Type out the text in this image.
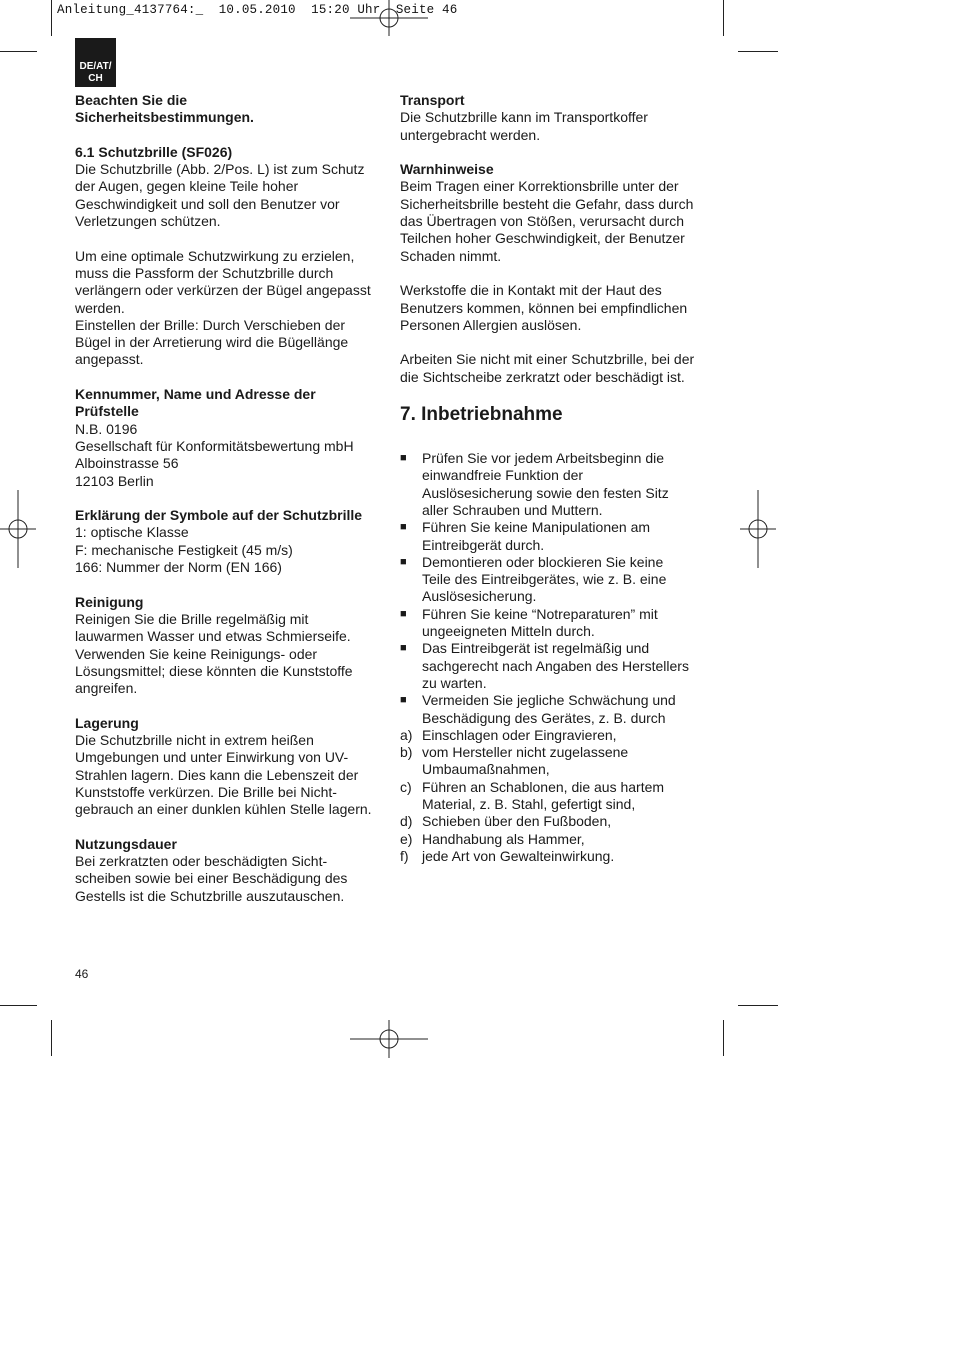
Anleitung_4137764:_  10.05.2010  15:20 Uhr  Seite 46
DE/AT/
CH

Beachten Sie die

Sicherheitsbestimmungen.

6.1 Schutzbrille (SF026)

Die Schutzbrille (Abb. 2/Pos. L) ist zum Schutz

der Augen, gegen kleine Teile hoher

Geschwindigkeit und soll den Benutzer vor

Verletzungen schützen.

Um eine optimale Schutzwirkung zu erzielen,

muss die Passform der Schutzbrille durch

verlängern oder verkürzen der Bügel angepasst

werden.

Einstellen der Brille: Durch Verschieben der

Bügel in der Arretierung wird die Bügellänge

angepasst.

Kennummer, Name und Adresse der

Prüfstelle

N.B. 0196

Gesellschaft für Konformitätsbewertung mbH

Alboinstrasse 56

12103 Berlin

Erklärung der Symbole auf der Schutzbrille

1: optische Klasse

F: mechanische Festigkeit (45 m/s)

166: Nummer der Norm (EN 166)

Reinigung

Reinigen Sie die Brille regelmäßig mit

lauwarmen Wasser und etwas Schmierseife.

Verwenden Sie keine Reinigungs- oder

Lösungsmittel; diese könnten die Kunststoffe

angreifen.

Lagerung

Die Schutzbrille nicht in extrem heißen

Umgebungen und unter Einwirkung von UV-

Strahlen lagern. Dies kann die Lebenszeit der

Kunststoffe verkürzen. Die Brille bei Nicht-

gebrauch an einer dunklen kühlen Stelle lagern.

Nutzungsdauer

Bei zerkratzten oder beschädigten Sicht-

scheiben sowie bei einer Beschädigung des

Gestells ist die Schutzbrille auszutauschen.

Transport

Die Schutzbrille kann im Transportkoffer

untergebracht werden.

Warnhinweise

Beim Tragen einer Korrektionsbrille unter der

Sicherheitsbrille besteht die Gefahr, dass durch

das Übertragen von Stößen, verursacht durch

Teilchen hoher Geschwindigkeit, der Benutzer

Schaden nimmt.

Werkstoffe die in Kontakt mit der Haut des

Benutzers kommen, können bei empfindlichen

Personen Allergien auslösen.

Arbeiten Sie nicht mit einer Schutzbrille, bei der

die Sichtscheibe zerkratzt oder beschädigt ist.

7. Inbetriebnahme
■	Prüfen Sie vor jedem Arbeitsbeginn die

einwandfreie Funktion der

Auslösesicherung sowie den festen Sitz

aller Schrauben und Muttern.

■	Führen Sie keine Manipulationen am

Eintreibgerät durch.

■	Demontieren oder blockieren Sie keine

Teile des Eintreibgerätes, wie z. B. eine

Auslösesicherung.

■	Führen Sie keine “Notreparaturen” mit

ungeeigneten Mitteln durch.

■	Das Eintreibgerät ist regelmäßig und

sachgerecht nach Angaben des Herstellers

zu warten.

■	Vermeiden Sie jegliche Schwächung und

Beschädigung des Gerätes, z. B. durch

a) Einschlagen oder Eingravieren,

b) vom Hersteller nicht zugelassene

Umbaumaßnahmen,

c) Führen an Schablonen, die aus hartem

Material, z. B. Stahl, gefertigt sind,

d) Schieben über den Fußboden,

e) Handhabung als Hammer,

f) jede Art von Gewalteinwirkung.

46
